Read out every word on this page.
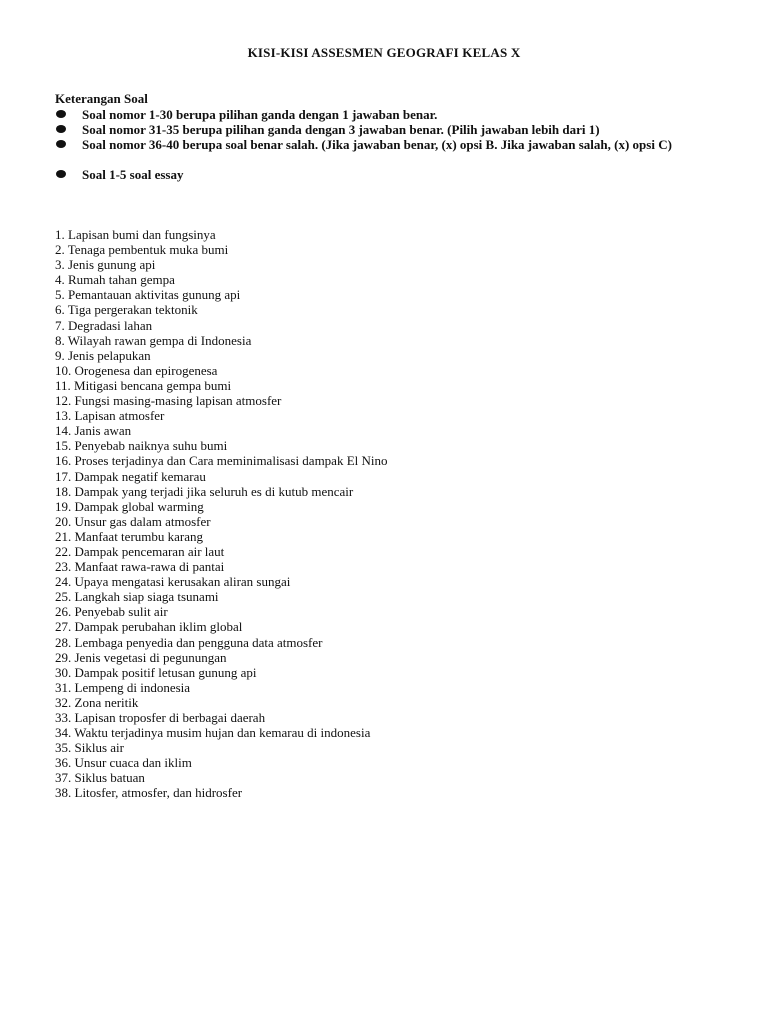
KISI-KISI ASSESMEN GEOGRAFI KELAS X
Keterangan Soal
Soal nomor 1-30 berupa pilihan ganda dengan 1 jawaban benar.
Soal nomor 31-35 berupa pilihan ganda dengan 3 jawaban benar. (Pilih jawaban lebih dari 1)
Soal nomor 36-40 berupa soal benar salah. (Jika jawaban benar, (x) opsi B. Jika jawaban salah, (x) opsi C)
Soal 1-5 soal essay
1. Lapisan bumi dan fungsinya
2. Tenaga pembentuk muka bumi
3. Jenis gunung api
4. Rumah tahan gempa
5. Pemantauan aktivitas gunung api
6. Tiga pergerakan tektonik
7. Degradasi lahan
8. Wilayah rawan gempa di Indonesia
9. Jenis pelapukan
10. Orogenesa dan epirogenesa
11. Mitigasi bencana gempa bumi
12. Fungsi masing-masing lapisan atmosfer
13. Lapisan atmosfer
14. Janis awan
15. Penyebab naiknya suhu bumi
16. Proses terjadinya dan Cara meminimalisasi dampak El Nino
17. Dampak negatif kemarau
18. Dampak yang terjadi jika seluruh es di kutub mencair
19. Dampak global warming
20. Unsur gas dalam atmosfer
21. Manfaat terumbu karang
22. Dampak pencemaran air laut
23. Manfaat rawa-rawa di pantai
24. Upaya mengatasi kerusakan aliran sungai
25. Langkah siap siaga tsunami
26. Penyebab sulit air
27. Dampak perubahan iklim global
28. Lembaga penyedia dan pengguna data atmosfer
29. Jenis vegetasi di pegunungan
30. Dampak positif letusan gunung api
31. Lempeng di indonesia
32. Zona neritik
33. Lapisan troposfer di berbagai daerah
34. Waktu terjadinya musim hujan dan kemarau di indonesia
35. Siklus air
36. Unsur cuaca dan iklim
37. Siklus batuan
38. Litosfer, atmosfer, dan hidrosfer
